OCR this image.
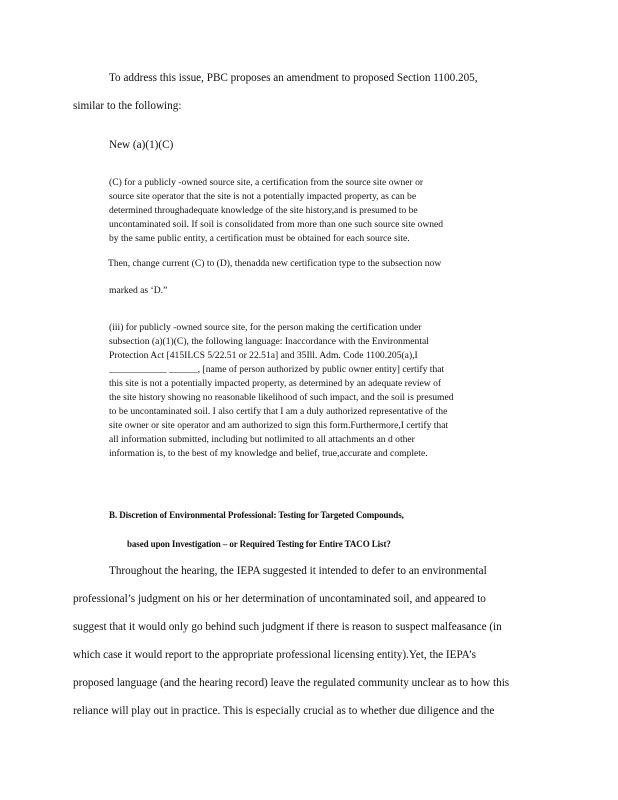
To address this issue, PBC proposes an amendment to proposed Section 1100.205,
similar to the following:
New (a)(1)(C)
(C) for a publicly -owned source site, a certification from the source site owner or
source site operator that the site is not a potentially impacted property, as can be
determined throughadequate knowledge of the site history,and is presumed to be
uncontaminated soil. If soil is consolidated from more than one such source site owned
by the same public entity, a certification must be obtained for each source site.
Then, change current (C) to (D), thenadda new certification type to the subsection now
marked as ‘D.”
(iii) for publicly -owned source site, for the person making the certification under
subsection (a)(1)(C), the following language: Inaccordance with the Environmental
Protection Act [415ILCS 5/22.51 or 22.51a] and 35Ill. Adm. Code 1100.205(a),I
____________ ______, [name of person authorized by public owner entity] certify that
this site is not a potentially impacted property, as determined by an adequate review of
the site history showing no reasonable likelihood of such impact, and the soil is presumed
to be uncontaminated soil. I also certify that I am a duly authorized representative of the
site owner or site operator and am authorized to sign this form.Furthermore,I certify that
all information submitted, including but notlimited to all attachments an d other
information is, to the best of my knowledge and belief, true,accurate and complete.
B. Discretion of Environmental Professional: Testing for Targeted Compounds,
based upon Investigation – or Required Testing for Entire TACO List?
Throughout the hearing, the IEPA suggested it intended to defer to an environmental
professional’s judgment on his or her determination of uncontaminated soil, and appeared to
suggest that it would only go behind such judgment if there is reason to suspect malfeasance (in
which case it would report to the appropriate professional licensing entity).Yet, the IEPA’s
proposed language (and the hearing record) leave the regulated community unclear as to how this
reliance will play out in practice. This is especially crucial as to whether due diligence and the
